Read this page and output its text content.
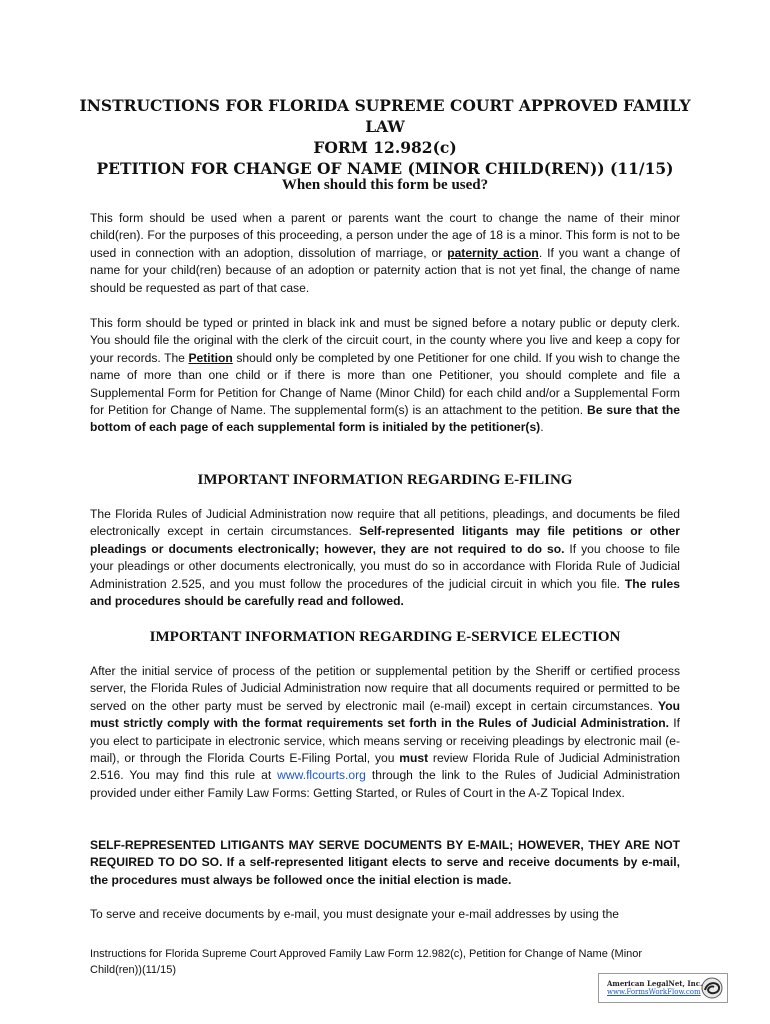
INSTRUCTIONS FOR FLORIDA SUPREME COURT APPROVED FAMILY LAW
FORM 12.982(c)
PETITION FOR CHANGE OF NAME (MINOR CHILD(REN)) (11/15)
When should this form be used?
This form should be used when a parent or parents want the court to change the name of their minor child(ren). For the purposes of this proceeding, a person under the age of 18 is a minor. This form is not to be used in connection with an adoption, dissolution of marriage, or paternity action. If you want a change of name for your child(ren) because of an adoption or paternity action that is not yet final, the change of name should be requested as part of that case.
This form should be typed or printed in black ink and must be signed before a notary public or deputy clerk. You should file the original with the clerk of the circuit court, in the county where you live and keep a copy for your records. The Petition should only be completed by one Petitioner for one child. If you wish to change the name of more than one child or if there is more than one Petitioner, you should complete and file a Supplemental Form for Petition for Change of Name (Minor Child) for each child and/or a Supplemental Form for Petition for Change of Name. The supplemental form(s) is an attachment to the petition. Be sure that the bottom of each page of each supplemental form is initialed by the petitioner(s).
IMPORTANT INFORMATION REGARDING E-FILING
The Florida Rules of Judicial Administration now require that all petitions, pleadings, and documents be filed electronically except in certain circumstances. Self-represented litigants may file petitions or other pleadings or documents electronically; however, they are not required to do so. If you choose to file your pleadings or other documents electronically, you must do so in accordance with Florida Rule of Judicial Administration 2.525, and you must follow the procedures of the judicial circuit in which you file. The rules and procedures should be carefully read and followed.
IMPORTANT INFORMATION REGARDING E-SERVICE ELECTION
After the initial service of process of the petition or supplemental petition by the Sheriff or certified process server, the Florida Rules of Judicial Administration now require that all documents required or permitted to be served on the other party must be served by electronic mail (e-mail) except in certain circumstances. You must strictly comply with the format requirements set forth in the Rules of Judicial Administration. If you elect to participate in electronic service, which means serving or receiving pleadings by electronic mail (e-mail), or through the Florida Courts E-Filing Portal, you must review Florida Rule of Judicial Administration 2.516. You may find this rule at www.flcourts.org through the link to the Rules of Judicial Administration provided under either Family Law Forms: Getting Started, or Rules of Court in the A-Z Topical Index.
SELF-REPRESENTED LITIGANTS MAY SERVE DOCUMENTS BY E-MAIL; HOWEVER, THEY ARE NOT REQUIRED TO DO SO. If a self-represented litigant elects to serve and receive documents by e-mail, the procedures must always be followed once the initial election is made.
To serve and receive documents by e-mail, you must designate your e-mail addresses by using the
Instructions for Florida Supreme Court Approved Family Law Form 12.982(c), Petition for Change of Name (Minor Child(ren))(11/15)
American LegalNet, Inc.
www.FormsWorkFlow.com
